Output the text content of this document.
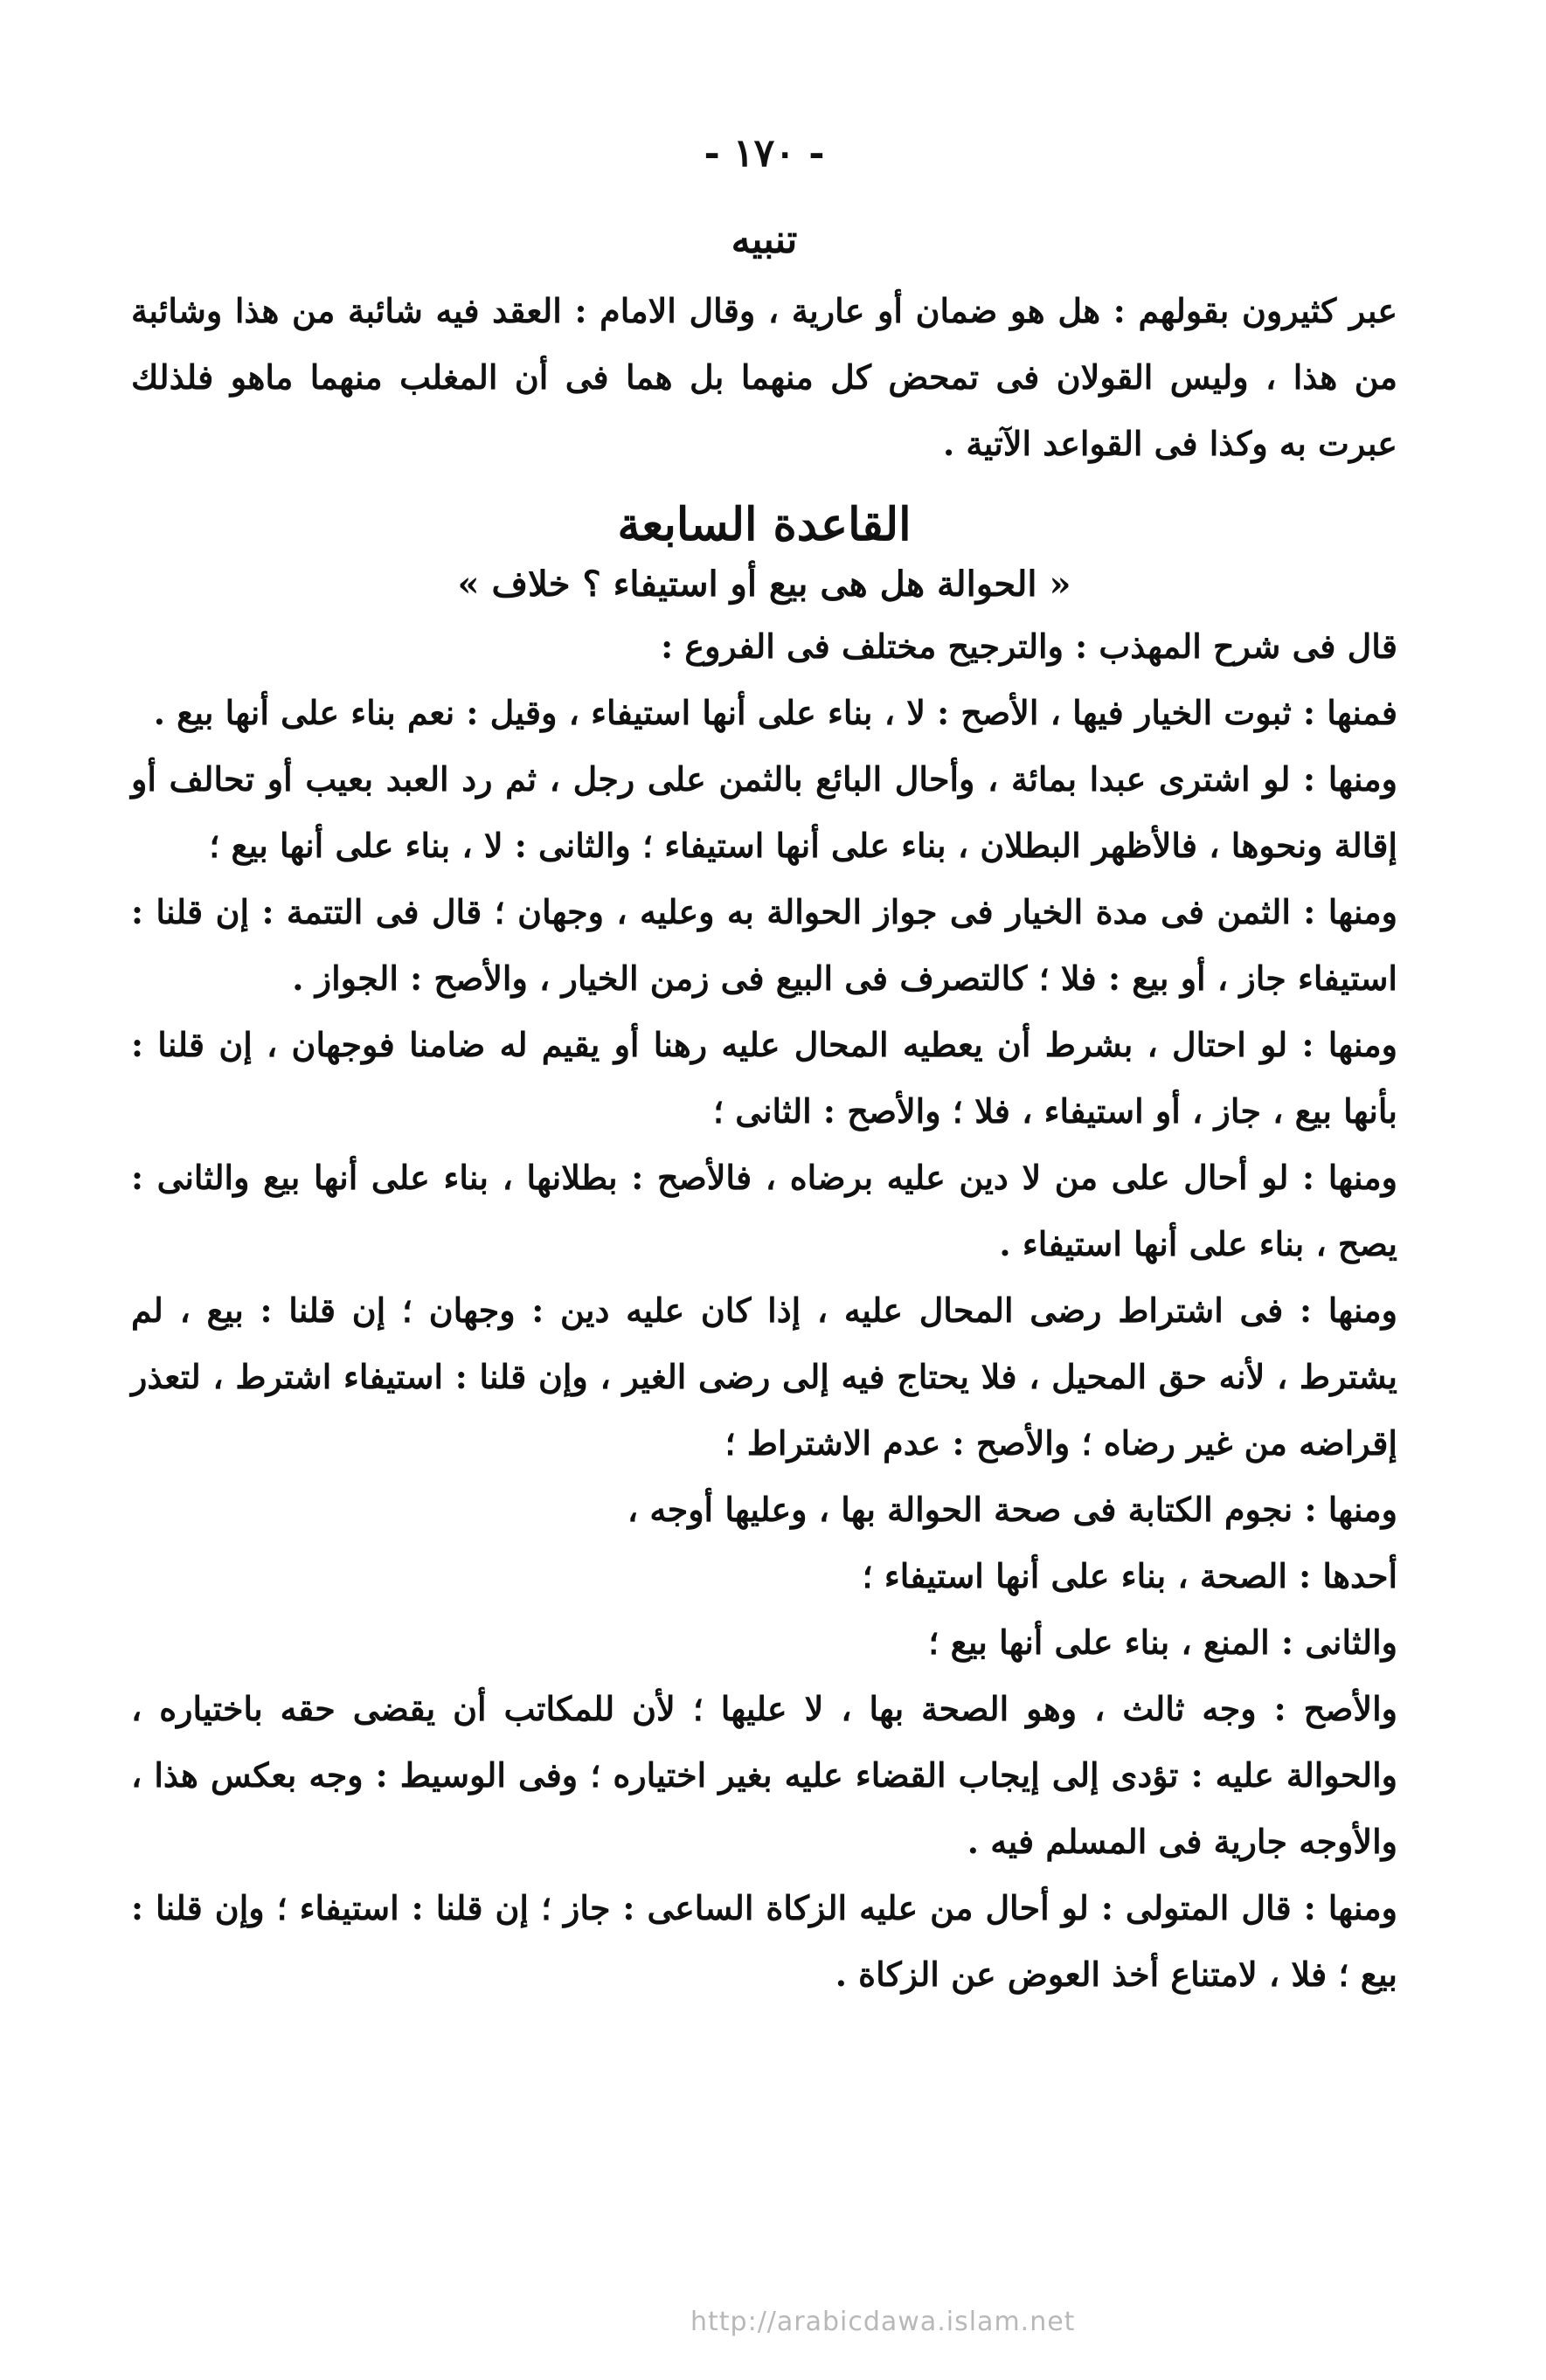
- ١٧٠ -
تنبيه

عبر كثيرون بقولهم : هل هو ضمان أو عارية ، وقال الامام : العقد فيه شائبة من هذا وشائبة من هذا ، وليس القولان فى تمحض كل منهما بل هما فى أن المغلب منهما ماهو فلذلك عبرت به وكذا فى القواعد الآتية .

القاعدة السابعة
« الحوالة هل هى بيع أو استيفاء ؟ خلاف »

قال فى شرح المهذب : والترجيح مختلف فى الفروع :

فمنها : ثبوت الخيار فيها ، الأصح : لا ، بناء على أنها استيفاء ، وقيل : نعم بناء على أنها بيع .

ومنها : لو اشترى عبدا بمائة ، وأحال البائع بالثمن على رجل ، ثم رد العبد بعيب أو تحالف أو إقالة ونحوها ، فالأظهر البطلان ، بناء على أنها استيفاء ؛ والثانى : لا ، بناء على أنها بيع ؛

ومنها : الثمن فى مدة الخيار فى جواز الحوالة به وعليه ، وجهان ؛ قال فى التتمة : إن قلنا : استيفاء جاز ، أو بيع : فلا ؛ كالتصرف فى البيع فى زمن الخيار ، والأصح : الجواز .

ومنها : لو احتال ، بشرط أن يعطيه المحال عليه رهنا أو يقيم له ضامنا فوجهان ، إن قلنا : بأنها بيع ، جاز ، أو استيفاء ، فلا ؛ والأصح : الثانى ؛

ومنها : لو أحال على من لا دين عليه برضاه ، فالأصح : بطلانها ، بناء على أنها بيع والثانى : يصح ، بناء على أنها استيفاء .

ومنها : فى اشتراط رضى المحال عليه ، إذا كان عليه دين : وجهان ؛ إن قلنا : بيع ، لم يشترط ، لأنه حق المحيل ، فلا يحتاج فيه إلى رضى الغير ، وإن قلنا : استيفاء اشترط ، لتعذر إقراضه من غير رضاه ؛ والأصح : عدم الاشتراط ؛

ومنها : نجوم الكتابة فى صحة الحوالة بها ، وعليها أوجه ،

أحدها : الصحة ، بناء على أنها استيفاء ؛

والثانى : المنع ، بناء على أنها بيع ؛

والأصح : وجه ثالث ، وهو الصحة بها ، لا عليها ؛ لأن للمكاتب أن يقضى حقه باختياره ، والحوالة عليه : تؤدى إلى إيجاب القضاء عليه بغير اختياره ؛ وفى الوسيط : وجه بعكس هذا ، والأوجه جارية فى المسلم فيه .

ومنها : قال المتولى : لو أحال من عليه الزكاة الساعى : جاز ؛ إن قلنا : استيفاء ؛ وإن قلنا : بيع ؛ فلا ، لامتناع أخذ العوض عن الزكاة .

http://arabicdawa.islam.net
